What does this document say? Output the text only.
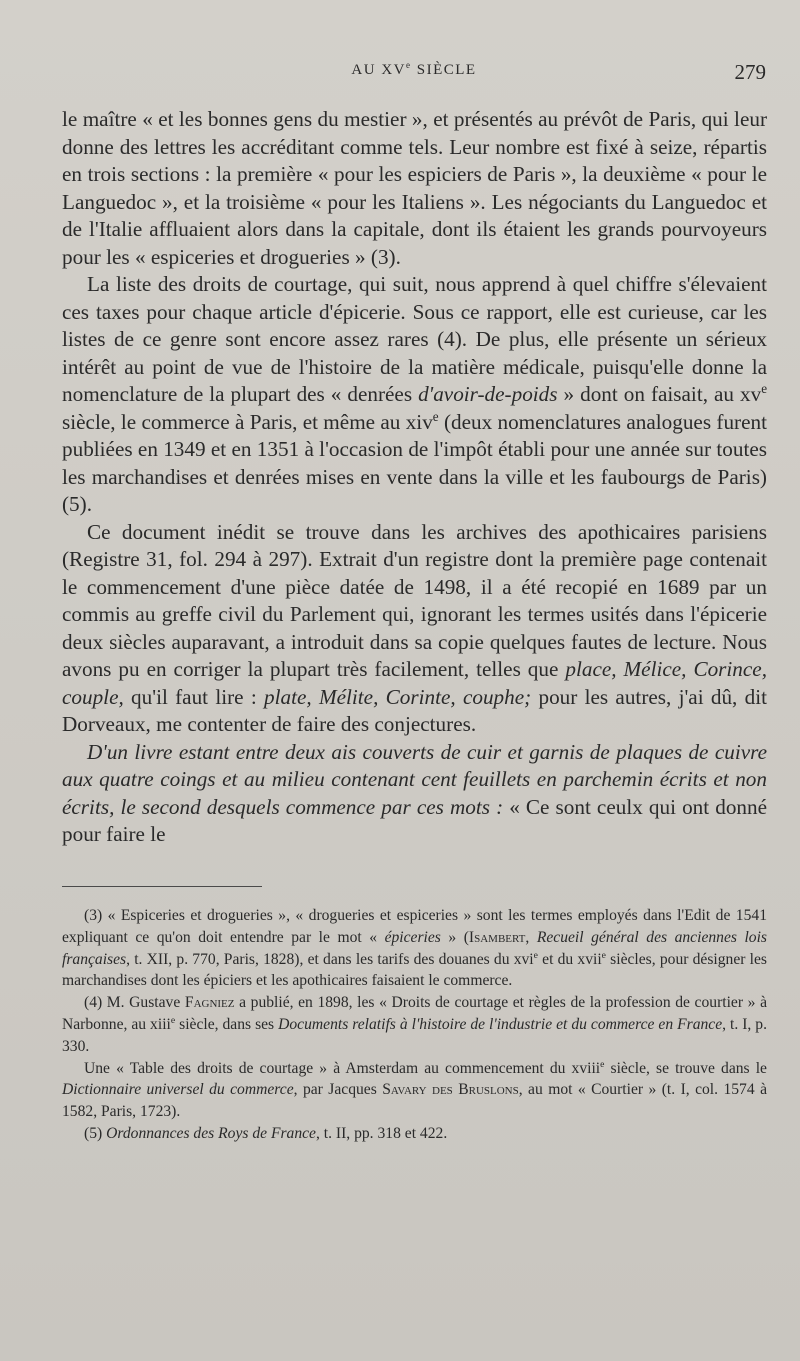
AU XVe SIÈCLE	279

le maître « et les bonnes gens du mestier », et présentés au prévôt de Paris, qui leur donne des lettres les accréditant comme tels. Leur nombre est fixé à seize, répartis en trois sections : la première « pour les espiciers de Paris », la deuxième « pour le Languedoc », et la troisième « pour les Italiens ». Les négociants du Languedoc et de l'Italie affluaient alors dans la capitale, dont ils étaient les grands pourvoyeurs pour les « espiceries et drogueries » (3).

La liste des droits de courtage, qui suit, nous apprend à quel chiffre s'élevaient ces taxes pour chaque article d'épicerie. Sous ce rapport, elle est curieuse, car les listes de ce genre sont encore assez rares (4). De plus, elle présente un sérieux intérêt au point de vue de l'histoire de la matière médicale, puisqu'elle donne la nomenclature de la plupart des « denrées d'avoir-de-poids » dont on faisait, au $xv^e$ siècle, le commerce à Paris, et même au xiv$^e$ (deux nomenclatures analogues furent publiées en 1349 et en 1351 à l'occasion de l'impôt établi pour une année sur toutes les marchandises et denrées mises en vente dans la ville et les faubourgs de Paris) (5).

Ce document inédit se trouve dans les archives des apothicaires parisiens (Registre 31, fol. 294 à 297). Extrait d'un registre dont la première page contenait le commencement d'une pièce datée de 1498, il a été recopié en 1689 par un commis au greffe civil du Parlement qui, ignorant les termes usités dans l'épicerie deux siècles auparavant, a introduit dans sa copie quelques fautes de lecture. Nous avons pu en corriger la plupart très facilement, telles que place, Mélice, Corince, couple, qu'il faut lire : plate, Mélite, Corinte, couphe; pour les autres, j'ai dû, dit Dorveaux, me contenter de faire des conjectures.

D'un livre estant entre deux ais couverts de cuir et garnis de plaques de cuivre aux quatre coings et au milieu contenant cent feuillets en parchemin écrits et non écrits, le second desquels commence par ces mots : « Ce sont ceulx qui ont donné pour faire le

(3) « Espiceries et drogueries », « drogueries et espiceries » sont les termes employés dans l'Edit de 1541 expliquant ce qu'on doit entendre par le mot « épiceries » (Isambert, Recueil général des anciennes lois françaises, t. XII, p. 770, Paris, 1828), et dans les tarifs des douanes du xvi$^e$ et du xvii$^e$ siècles, pour désigner les marchandises dont les épiciers et les apothicaires faisaient le commerce.

(4) M. Gustave Fagniez a publié, en 1898, les « Droits de courtage et règles de la profession de courtier » à Narbonne, au xiii$^e$ siècle, dans ses Documents relatifs à l'histoire de l'industrie et du commerce en France, t. I, p. 330.

Une « Table des droits de courtage » à Amsterdam au commencement du xviii$^e$ siècle, se trouve dans le Dictionnaire universel du commerce, par Jacques Savary des Bruslons, au mot « Courtier » (t. I, col. 1574 à 1582, Paris, 1723).

(5) Ordonnances des Roys de France, t. II, pp. 318 et 422.
